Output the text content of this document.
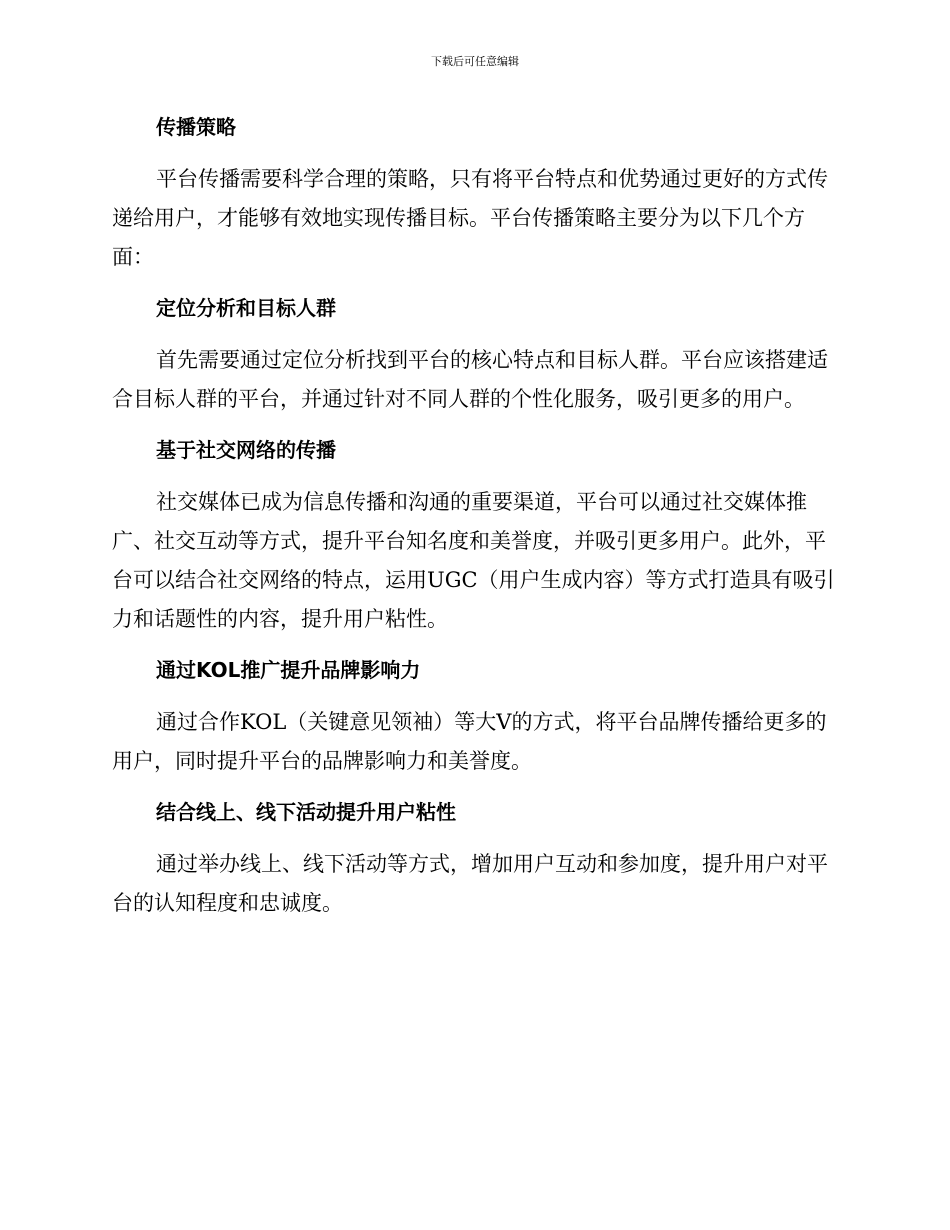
下载后可任意编辑
传播策略
平台传播需要科学合理的策略，只有将平台特点和优势通过更好的方式传递给用户，才能够有效地实现传播目标。平台传播策略主要分为以下几个方面：
定位分析和目标人群
首先需要通过定位分析找到平台的核心特点和目标人群。平台应该搭建适合目标人群的平台，并通过针对不同人群的个性化服务，吸引更多的用户。
基于社交网络的传播
社交媒体已成为信息传播和沟通的重要渠道，平台可以通过社交媒体推广、社交互动等方式，提升平台知名度和美誉度，并吸引更多用户。此外，平台可以结合社交网络的特点，运用UGC（用户生成内容）等方式打造具有吸引力和话题性的内容，提升用户粘性。
通过KOL推广提升品牌影响力
通过合作KOL（关键意见领袖）等大V的方式，将平台品牌传播给更多的用户，同时提升平台的品牌影响力和美誉度。
结合线上、线下活动提升用户粘性
通过举办线上、线下活动等方式，增加用户互动和参加度，提升用户对平台的认知程度和忠诚度。
